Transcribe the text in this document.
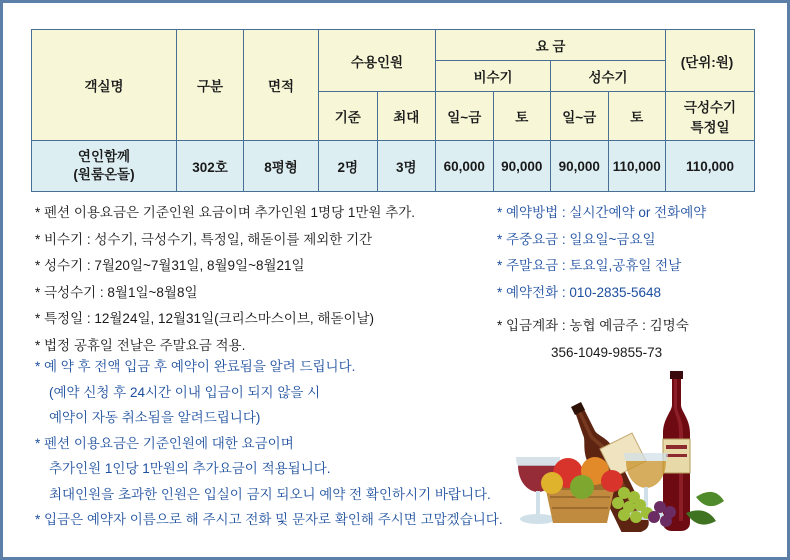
객실명	구분	면적	수용인원		요 금				(단위:원)
					비수기		성수기		
			기준	최대	일~금	토	일~금	토	극성수기
특정일

연인함께
(원룸온돌)	302호	8평형	2명	3명	60,000	90,000	90,000	110,000	110,000
* 펜션 이용요금은 기준인원 요금이며 추가인원 1명당 1만원 추가.
* 비수기 : 성수기, 극성수기, 특정일, 해돋이를 제외한 기간
* 성수기 : 7월20일~7월31일, 8월9일~8월21일
* 극성수기 : 8월1일~8월8일
* 특정일 : 12월24일, 12월31일(크리스마스이브, 해돋이날)
* 법정 공휴일 전날은 주말요금 적용.
* 예약방법 : 실시간예약 or 전화예약
* 주중요금 : 일요일~금요일
* 주말요금 : 토요일,공휴일 전날
* 예약전화 : 010-2835-5648
* 입금계좌 : 농협 예금주 : 김명숙
356-1049-9855-73
* 예 약 후 전액 입금 후 예약이 완료됨을 알려 드립니다.
(예약 신청 후 24시간 이내 입금이 되지 않을 시
예약이 자동 취소됨을 알려드립니다)
* 펜션 이용요금은 기준인원에 대한 요금이며
추가인원 1인당 1만원의 추가요금이 적용됩니다.
최대인원을 초과한 인원은 입실이 금지 되오니 예약 전 확인하시기 바랍니다.
* 입금은 예약자 이름으로 해 주시고 전화 및 문자로 확인해 주시면 고맙겠습니다.
